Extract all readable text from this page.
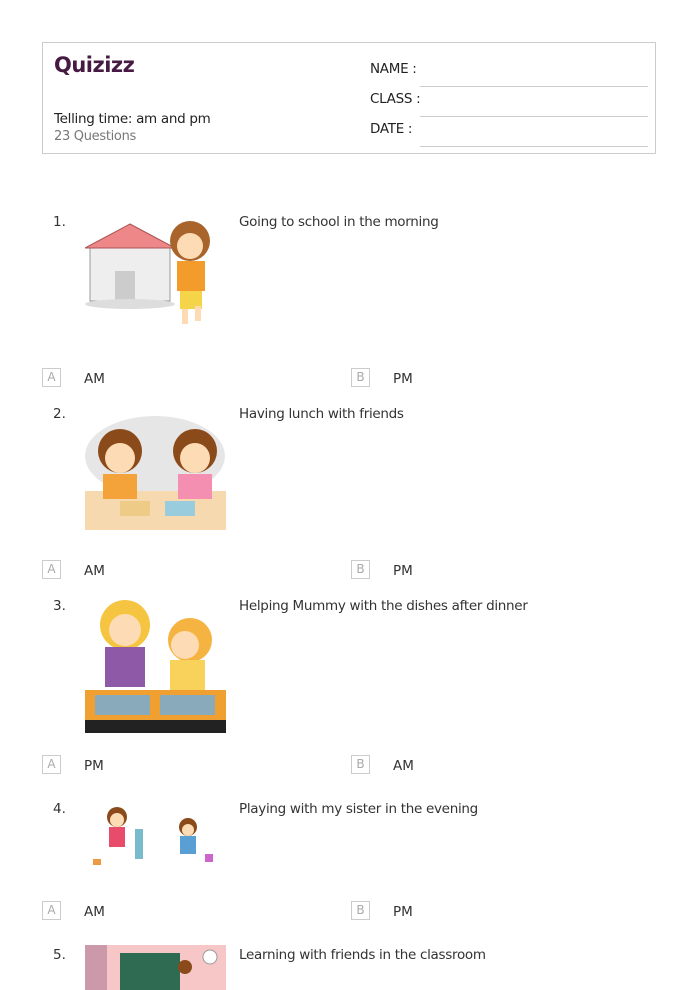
Quizizz
Telling time: am and pm
23 Questions
NAME :
CLASS :
DATE :
1.	Going to school in the morning
A	AM	B	PM
2.	Having lunch with friends
A	AM	B	PM
3.	Helping Mummy with the dishes after dinner
A	PM	B	AM
4.	Playing with my sister in the evening
A	AM	B	PM
5.	Learning with friends in the classroom
